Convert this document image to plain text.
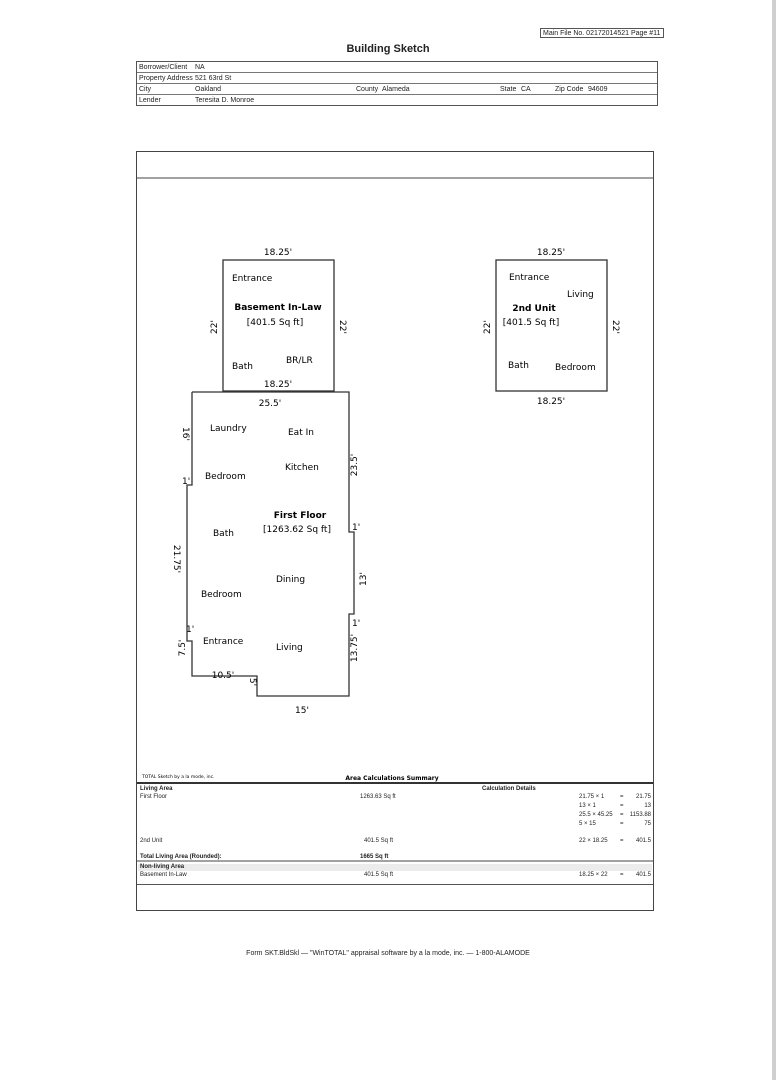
Main File No. 02172014521 Page #11
Building Sketch
Borrower/Client NA
Property Address 521 63rd St
City	Oakland	County Alameda	State CA	Zip Code 94609
Lender	Teresita D. Monroe
18.25'
18.25'
22'	22'
Entrance
Basement In-Law
[401.5 Sq ft]
Bath
BR/LR
18.25'
18.25'
22'	22'
Entrance
Living
2nd Unit
[401.5 Sq ft]
Bath	Bedroom
25.5'
16'
1'
21.75'
1'
7.5'
10.5'
5'
15'
23.5'
1'
13'
1'
13.75'
Laundry	Eat In
Kitchen
Bedroom
First Floor
[1263.62 Sq ft]
Bath
Dining
Bedroom
Entrance
Living
TOTAL Sketch by a la mode, inc.	Area Calculations Summary
Living Area	Calculation Details
First Floor	1263.63 Sq ft	21.75 × 1	=	21.75
13 × 1	=	13
25.5 × 45.25	=	1153.88
5 × 15	=	75
2nd Unit	401.5 Sq ft	22 × 18.25	=	401.5
Total Living Area (Rounded):	1665 Sq ft
Non-living Area
Basement In-Law	401.5 Sq ft	18.25 × 22	=	401.5
Form SKT.BldSkl — "WinTOTAL" appraisal software by a la mode, inc. — 1-800-ALAMODE
